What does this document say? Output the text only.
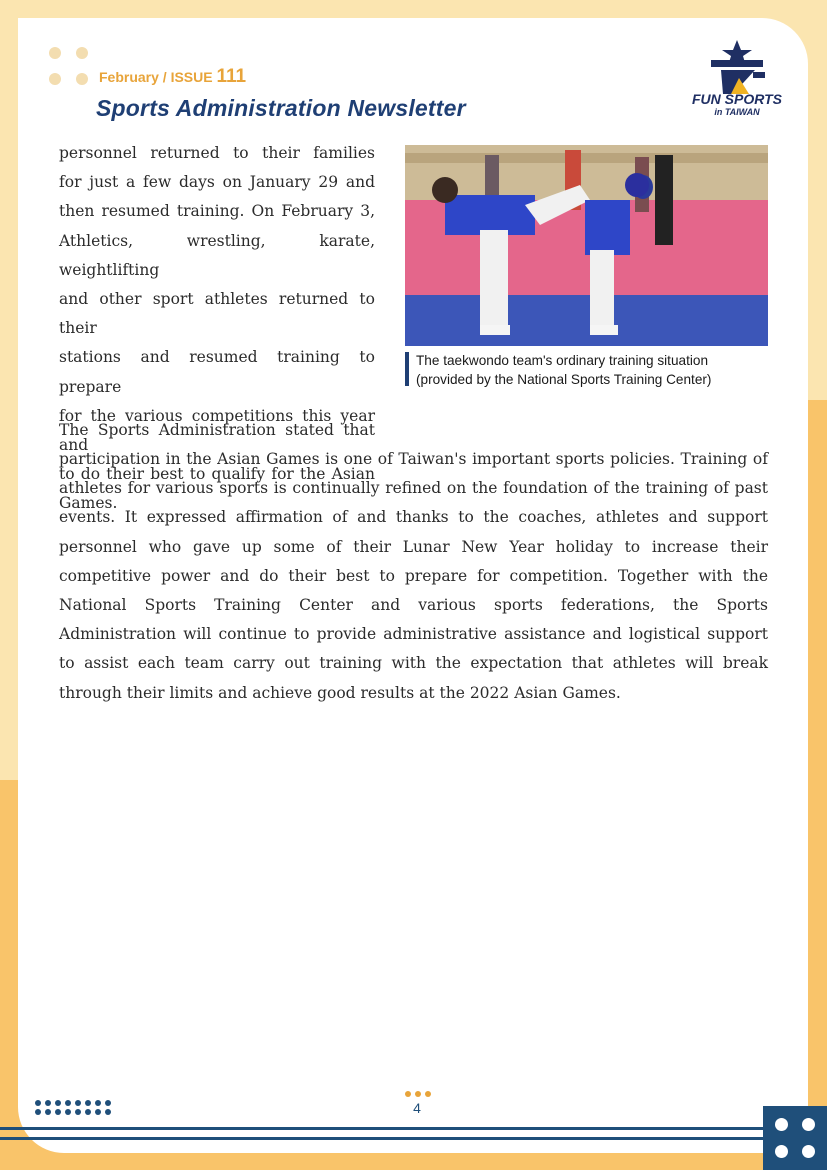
February / ISSUE 111
Sports Administration Newsletter	FUN SPORTS
in TAIWAN
personnel returned to their families
for just a few days on January 29 and
then resumed training. On February 3,
Athletics, wrestling, karate, weightlifting
and other sport athletes returned to their
stations and resumed training to prepare
for the various competitions this year and
to do their best to qualify for the Asian
Games.
The taekwondo team's ordinary training situation
(provided by the National Sports Training Center)
The Sports Administration stated that

participation in the Asian Games is one of Taiwan's important sports policies. Training of athletes for various sports is continually refined on the foundation of the training of past events. It expressed affirmation of and thanks to the coaches, athletes and support personnel who gave up some of their Lunar New Year holiday to increase their competitive power and do their best to prepare for competition. Together with the National Sports Training Center and various sports federations, the Sports Administration will continue to provide administrative assistance and logistical support to assist each team carry out training with the expectation that athletes will break through their limits and achieve good results at the 2022 Asian Games.

4
